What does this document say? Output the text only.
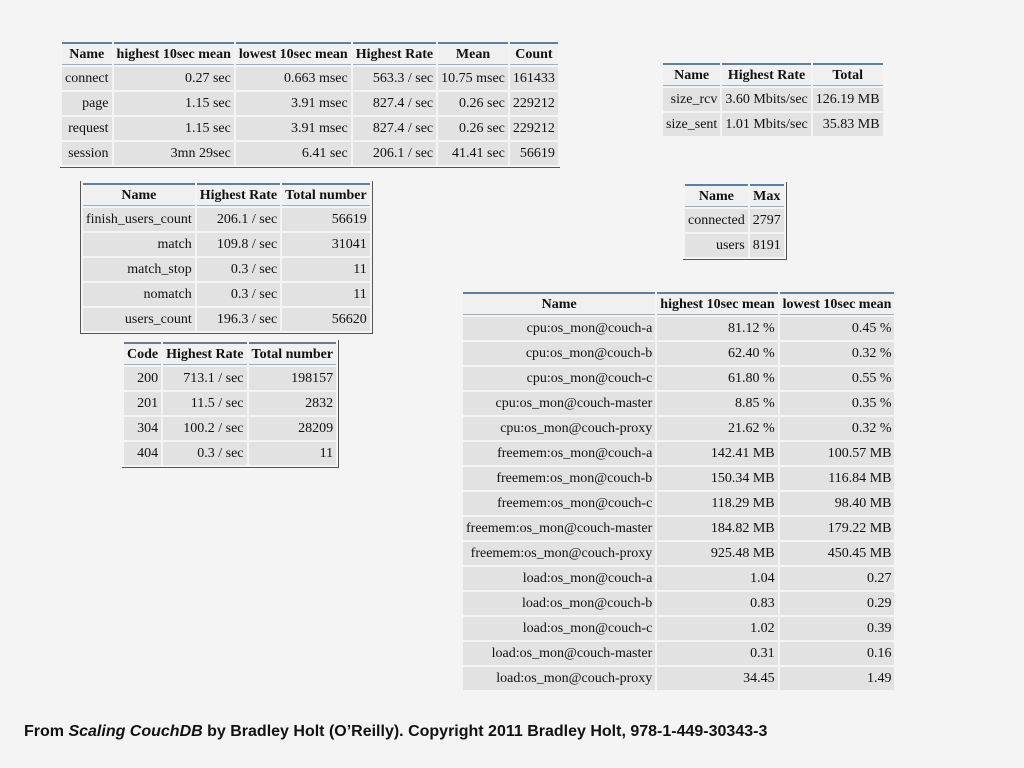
Name	highest 10sec mean	lowest 10sec mean	Highest Rate	Mean	Count
connect	0.27 sec	0.663 msec	563.3 / sec	10.75 msec	161433
page	1.15 sec	3.91 msec	827.4 / sec	0.26 sec	229212
request	1.15 sec	3.91 msec	827.4 / sec	0.26 sec	229212
session	3mn 29sec	6.41 sec	206.1 / sec	41.41 sec	56619
Name	Highest Rate	Total
size_rcv	3.60 Mbits/sec	126.19 MB
size_sent	1.01 Mbits/sec	35.83 MB
Name	Highest Rate	Total number
finish_users_count	206.1 / sec	56619
match	109.8 / sec	31041
match_stop	0.3 / sec	11
nomatch	0.3 / sec	11
users_count	196.3 / sec	56620
Name	Max
connected	2797
users	8191
Code	Highest Rate	Total number
200	713.1 / sec	198157
201	11.5 / sec	2832
304	100.2 / sec	28209
404	0.3 / sec	11
Name	highest 10sec mean	lowest 10sec mean
cpu:os_mon@couch-a	81.12 %	0.45 %
cpu:os_mon@couch-b	62.40 %	0.32 %
cpu:os_mon@couch-c	61.80 %	0.55 %
cpu:os_mon@couch-master	8.85 %	0.35 %
cpu:os_mon@couch-proxy	21.62 %	0.32 %
freemem:os_mon@couch-a	142.41 MB	100.57 MB
freemem:os_mon@couch-b	150.34 MB	116.84 MB
freemem:os_mon@couch-c	118.29 MB	98.40 MB
freemem:os_mon@couch-master	184.82 MB	179.22 MB
freemem:os_mon@couch-proxy	925.48 MB	450.45 MB
load:os_mon@couch-a	1.04	0.27
load:os_mon@couch-b	0.83	0.29
load:os_mon@couch-c	1.02	0.39
load:os_mon@couch-master	0.31	0.16
load:os_mon@couch-proxy	34.45	1.49
From Scaling CouchDB by Bradley Holt (O’Reilly). Copyright 2011 Bradley Holt, 978-1-449-30343-3
